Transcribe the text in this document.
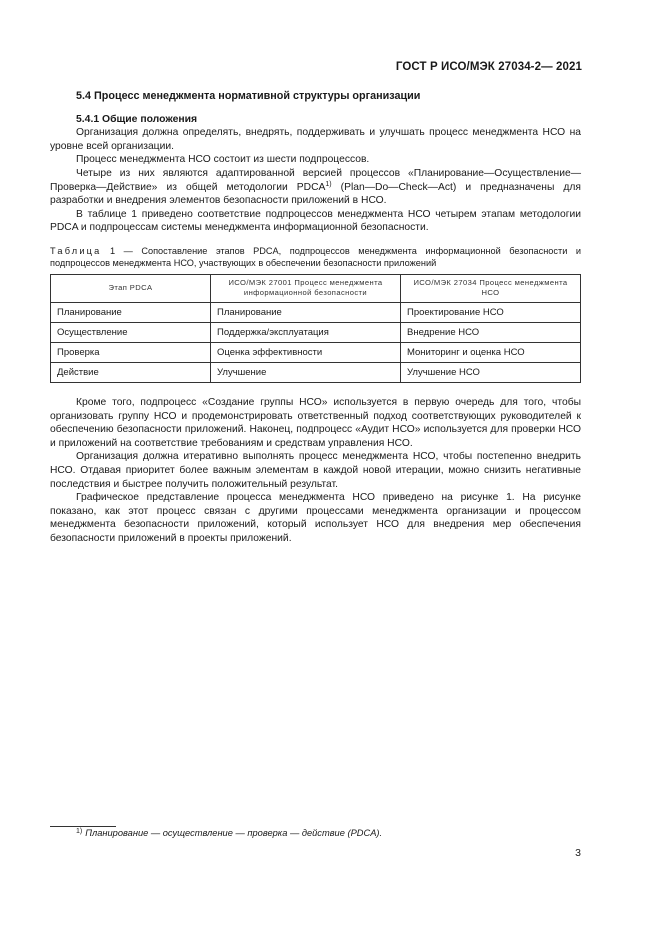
ГОСТ Р ИСО/МЭК 27034-2— 2021
5.4 Процесс менеджмента нормативной структуры организации
5.4.1 Общие положения

Организация должна определять, внедрять, поддерживать и улучшать процесс менеджмента НСО на уровне всей организации.

Процесс менеджмента НСО состоит из шести подпроцессов.

Четыре из них являются адаптированной версией процессов «Планирование—Осуществление—Проверка—Действие» из общей методологии PDCA$^{1)}$ (Plan—Do—Check—Act) и предназначены для разработки и внедрения элементов безопасности приложений в НСО.

В таблице 1 приведено соответствие подпроцессов менеджмента НСО четырем этапам методологии PDCA и подпроцессам системы менеджмента информационной безопасности.

Таблица 1 — Сопоставление этапов PDCA, подпроцессов менеджмента информационной безопасности и подпроцессов менеджмента НСО, участвующих в обеспечении безопасности приложений
Этап PDCA	ИСО/МЭК 27001 Процесс менеджмента информационной безопасности	ИСО/МЭК 27034 Процесс менеджмента НСО
Планирование	Планирование	Проектирование НСО
Осуществление	Поддержка/эксплуатация	Внедрение НСО
Проверка	Оценка эффективности	Мониторинг и оценка НСО
Действие	Улучшение	Улучшение НСО

Кроме того, подпроцесс «Создание группы НСО» используется в первую очередь для того, чтобы организовать группу НСО и продемонстрировать ответственный подход соответствующих руководителей к обеспечению безопасности приложений. Наконец, подпроцесс «Аудит НСО» используется для проверки НСО и приложений на соответствие требованиям и средствам управления НСО.

Организация должна итеративно выполнять процесс менеджмента НСО, чтобы постепенно внедрить НСО. Отдавая приоритет более важным элементам в каждой новой итерации, можно снизить негативные последствия и быстрее получить положительный результат.

Графическое представление процесса менеджмента НСО приведено на рисунке 1. На рисунке показано, как этот процесс связан с другими процессами менеджмента организации и процессом менеджмента безопасности приложений, который использует НСО для внедрения мер обеспечения безопасности приложений в проекты приложений.

$^{1)}$ Планирование — осуществление — проверка — действие (PDCA).
3
